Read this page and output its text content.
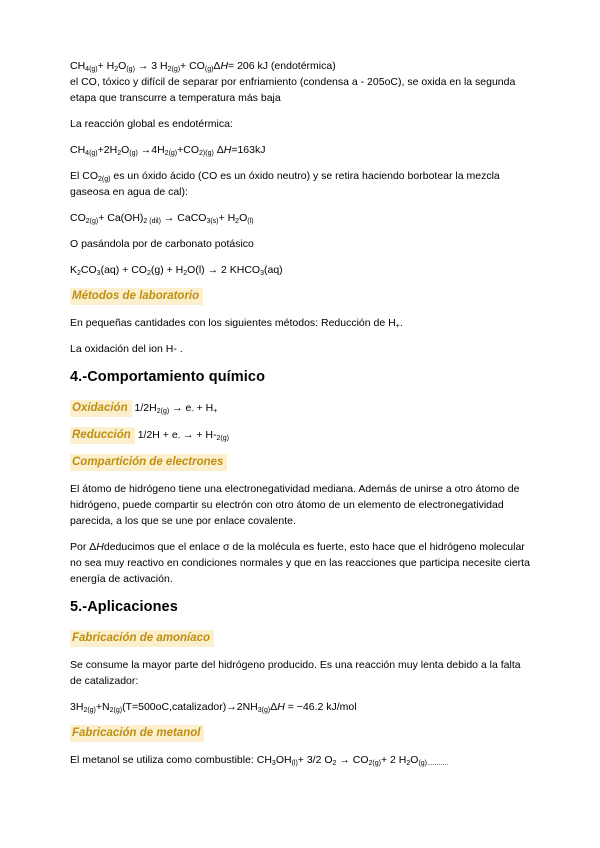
$CH_{4(g)}+ H_2O_{(g)} \to 3$ $H_{2(g)}+ CO_{(g)}\Delta H= 206$ kJ (endotérmica)
el CO, tóxico y difícil de separar por enfriamiento (condensa a - 205oC), se oxida en la segunda etapa que transcurre a temperatura más baja

La reacción global es endotérmica:

$CH_{4(g)}+2H_2O_{(g)} \to 4H_{2(g)}+CO_{2)(g)}$ ΔH=163kJ

El $CO_{2(g)}$ es un óxido ácido (CO es un óxido neutro) y se retira haciendo borbotear la mezcla gaseosa en agua de cal):

$CO_{2(g)}+ Ca(OH)_{2 (dil)}$ → CaCO$_{3(s)}$+ $H_2O_{(l)}$

O pasándola por de carbonato potásico

$K_2CO_3(aq) + CO_2(g) + H_2O(l) \to 2$ $KHCO_3(aq)$

Métodos de laboratorio

En pequeñas cantidades con los siguientes métodos: Reducción de $H_+$.

La oxidación del ion H- .

4.-Comportamiento químico

Oxidación $1/2H_{2(g)} \to e_- + H_+$

Reducción $1/2H + e_-$ → + $H-_{2(g)}$

Compartición de electrones

El átomo de hidrógeno tiene una electronegatividad mediana. Además de unirse a otro átomo de hidrógeno, puede compartir su electrón con otro átomo de un elemento de electronegatividad parecida, a los que se une por enlace covalente.

Por ΔHdeducimos que el enlace σ de la molécula es fuerte, esto hace que el hidrógeno molecular no sea muy reactivo en condiciones normales y que en las reacciones que participa necesite cierta energía de activación.

5.-Aplicaciones

Fabricación de amoníaco

Se consume la mayor parte del hidrógeno producido. Es una reacción muy lenta debido a la falta de catalizador:

$3H_{2(g)}+N_{2(g)}(T=500oC,catalizador)\to 2NH_{3(g)}\Delta H = -46.2$ kJ/mol

Fabricación de metanol

El metanol se utiliza como combustible: $CH_3OH_{(l)}+ 3/2$ $O_2 \to CO_{2(g)}+ 2$ $H_2O_{(g)...........}$
